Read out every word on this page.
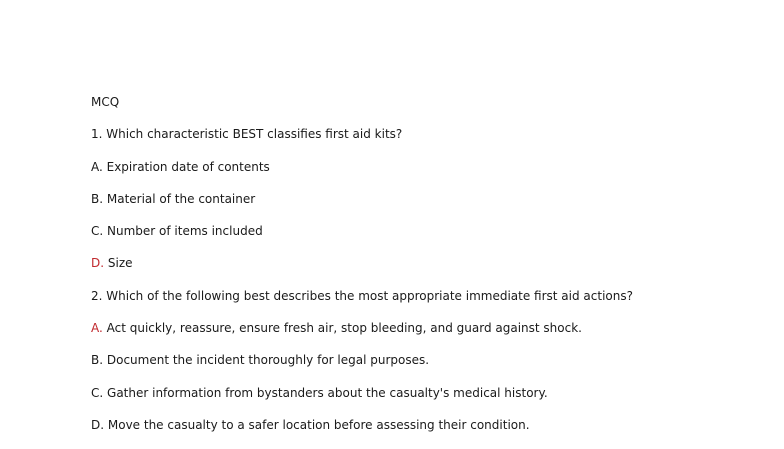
MCQ
1. Which characteristic BEST classifies first aid kits?
A. Expiration date of contents
B. Material of the container
C. Number of items included
D. Size
2. Which of the following best describes the most appropriate immediate first aid actions?
A. Act quickly, reassure, ensure fresh air, stop bleeding, and guard against shock.
B. Document the incident thoroughly for legal purposes.
C. Gather information from bystanders about the casualty's medical history.
D. Move the casualty to a safer location before assessing their condition.
